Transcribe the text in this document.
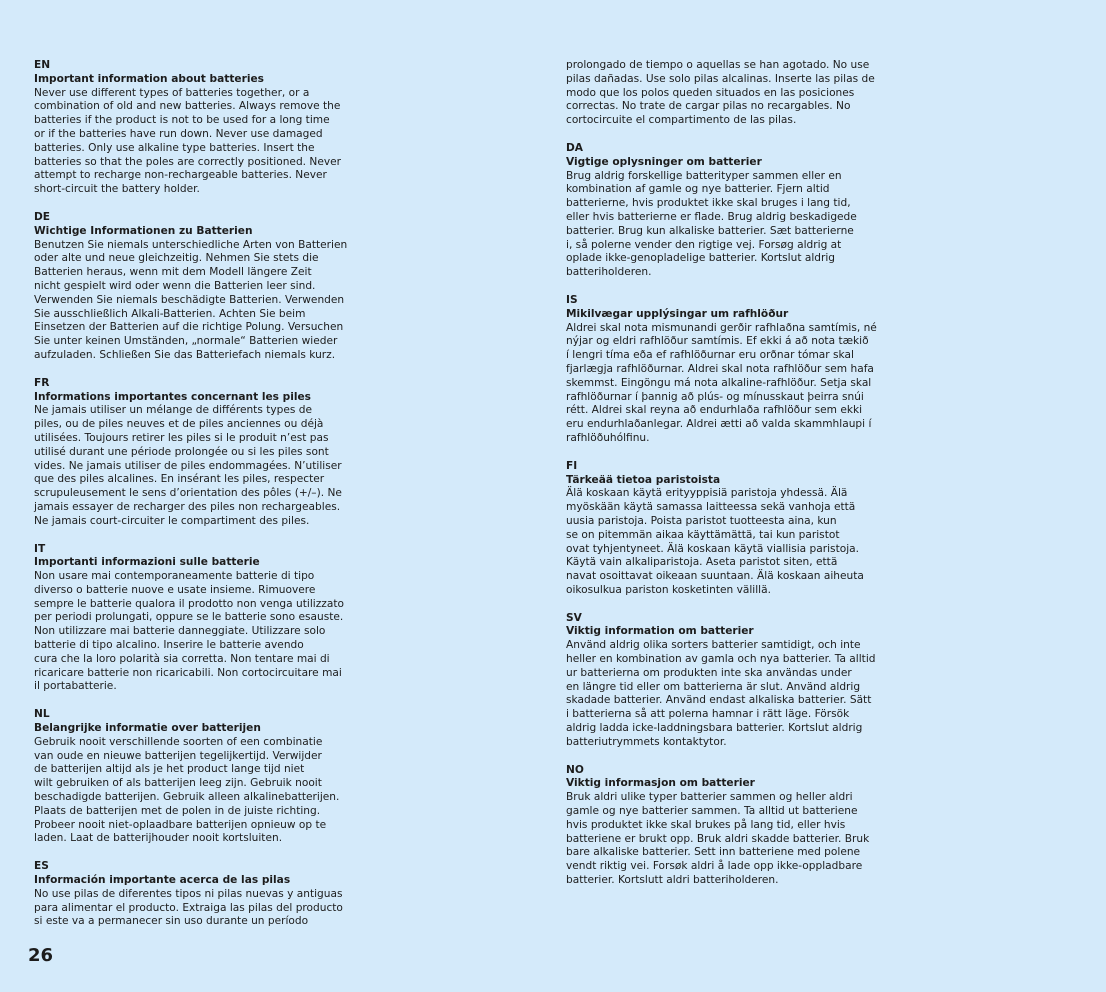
EN
Important information about batteries
Never use different types of batteries together, or a
combination of old and new batteries. Always remove the
batteries if the product is not to be used for a long time
or if the batteries have run down. Never use damaged
batteries. Only use alkaline type batteries. Insert the
batteries so that the poles are correctly positioned. Never
attempt to recharge non-rechargeable batteries. Never
short-circuit the battery holder.
DE
Wichtige Informationen zu Batterien
Benutzen Sie niemals unterschiedliche Arten von Batterien
oder alte und neue gleichzeitig. Nehmen Sie stets die
Batterien heraus, wenn mit dem Modell längere Zeit
nicht gespielt wird oder wenn die Batterien leer sind.
Verwenden Sie niemals beschädigte Batterien. Verwenden
Sie ausschließlich Alkali-Batterien. Achten Sie beim
Einsetzen der Batterien auf die richtige Polung. Versuchen
Sie unter keinen Umständen, „normale“ Batterien wieder
aufzuladen. Schließen Sie das Batteriefach niemals kurz.
FR
Informations importantes concernant les piles
Ne jamais utiliser un mélange de différents types de
piles, ou de piles neuves et de piles anciennes ou déjà
utilisées. Toujours retirer les piles si le produit n’est pas
utilisé durant une période prolongée ou si les piles sont
vides. Ne jamais utiliser de piles endommagées. N’utiliser
que des piles alcalines. En insérant les piles, respecter
scrupuleusement le sens d’orientation des pôles (+/–). Ne
jamais essayer de recharger des piles non rechargeables.
Ne jamais court-circuiter le compartiment des piles.
IT
Importanti informazioni sulle batterie
Non usare mai contemporaneamente batterie di tipo
diverso o batterie nuove e usate insieme. Rimuovere
sempre le batterie qualora il prodotto non venga utilizzato
per periodi prolungati, oppure se le batterie sono esauste.
Non utilizzare mai batterie danneggiate. Utilizzare solo
batterie di tipo alcalino. Inserire le batterie avendo
cura che la loro polarità sia corretta. Non tentare mai di
ricaricare batterie non ricaricabili. Non cortocircuitare mai
il portabatterie.
NL
Belangrijke informatie over batterijen
Gebruik nooit verschillende soorten of een combinatie
van oude en nieuwe batterijen tegelijkertijd. Verwijder
de batterijen altijd als je het product lange tijd niet
wilt gebruiken of als batterijen leeg zijn. Gebruik nooit
beschadigde batterijen. Gebruik alleen alkalinebatterijen.
Plaats de batterijen met de polen in de juiste richting.
Probeer nooit niet-oplaadbare batterijen opnieuw op te
laden. Laat de batterijhouder nooit kortsluiten.
ES
Información importante acerca de las pilas
No use pilas de diferentes tipos ni pilas nuevas y antiguas
para alimentar el producto. Extraiga las pilas del producto
si este va a permanecer sin uso durante un período
prolongado de tiempo o aquellas se han agotado. No use
pilas dañadas. Use solo pilas alcalinas. Inserte las pilas de
modo que los polos queden situados en las posiciones
correctas. No trate de cargar pilas no recargables. No
cortocircuite el compartimento de las pilas.
DA
Vigtige oplysninger om batterier
Brug aldrig forskellige batterityper sammen eller en
kombination af gamle og nye batterier. Fjern altid
batterierne, hvis produktet ikke skal bruges i lang tid,
eller hvis batterierne er flade. Brug aldrig beskadigede
batterier. Brug kun alkaliske batterier. Sæt batterierne
i, så polerne vender den rigtige vej. Forsøg aldrig at
oplade ikke-genopladelige batterier. Kortslut aldrig
batteriholderen.
IS
Mikilvægar upplýsingar um rafhlöður
Aldrei skal nota mismunandi gerðir rafhlaðna samtímis, né
nýjar og eldri rafhlöður samtímis. Ef ekki á að nota tækið
í lengri tíma eða ef rafhlöðurnar eru orðnar tómar skal
fjarlægja rafhlöðurnar. Aldrei skal nota rafhlöður sem hafa
skemmst. Eingöngu má nota alkaline-rafhlöður. Setja skal
rafhlöðurnar í þannig að plús- og mínusskaut þeirra snúi
rétt. Aldrei skal reyna að endurhlaða rafhlöður sem ekki
eru endurhlaðanlegar. Aldrei ætti að valda skammhlaupi í
rafhlöðuhólfinu.
FI
Tärkeää tietoa paristoista
Älä koskaan käytä erityyppisiä paristoja yhdessä. Älä
myöskään käytä samassa laitteessa sekä vanhoja että
uusia paristoja. Poista paristot tuotteesta aina, kun
se on pitemmän aikaa käyttämättä, tai kun paristot
ovat tyhjentyneet. Älä koskaan käytä viallisia paristoja.
Käytä vain alkaliparistoja. Aseta paristot siten, että
navat osoittavat oikeaan suuntaan. Älä koskaan aiheuta
oikosulkua pariston kosketinten välillä.
SV
Viktig information om batterier
Använd aldrig olika sorters batterier samtidigt, och inte
heller en kombination av gamla och nya batterier. Ta alltid
ur batterierna om produkten inte ska användas under
en längre tid eller om batterierna är slut. Använd aldrig
skadade batterier. Använd endast alkaliska batterier. Sätt
i batterierna så att polerna hamnar i rätt läge. Försök
aldrig ladda icke-laddningsbara batterier. Kortslut aldrig
batteriutrymmets kontaktytor.
NO
Viktig informasjon om batterier
Bruk aldri ulike typer batterier sammen og heller aldri
gamle og nye batterier sammen. Ta alltid ut batteriene
hvis produktet ikke skal brukes på lang tid, eller hvis
batteriene er brukt opp. Bruk aldri skadde batterier. Bruk
bare alkaliske batterier. Sett inn batteriene med polene
vendt riktig vei. Forsøk aldri å lade opp ikke-oppladbare
batterier. Kortslutt aldri batteriholderen.
26
